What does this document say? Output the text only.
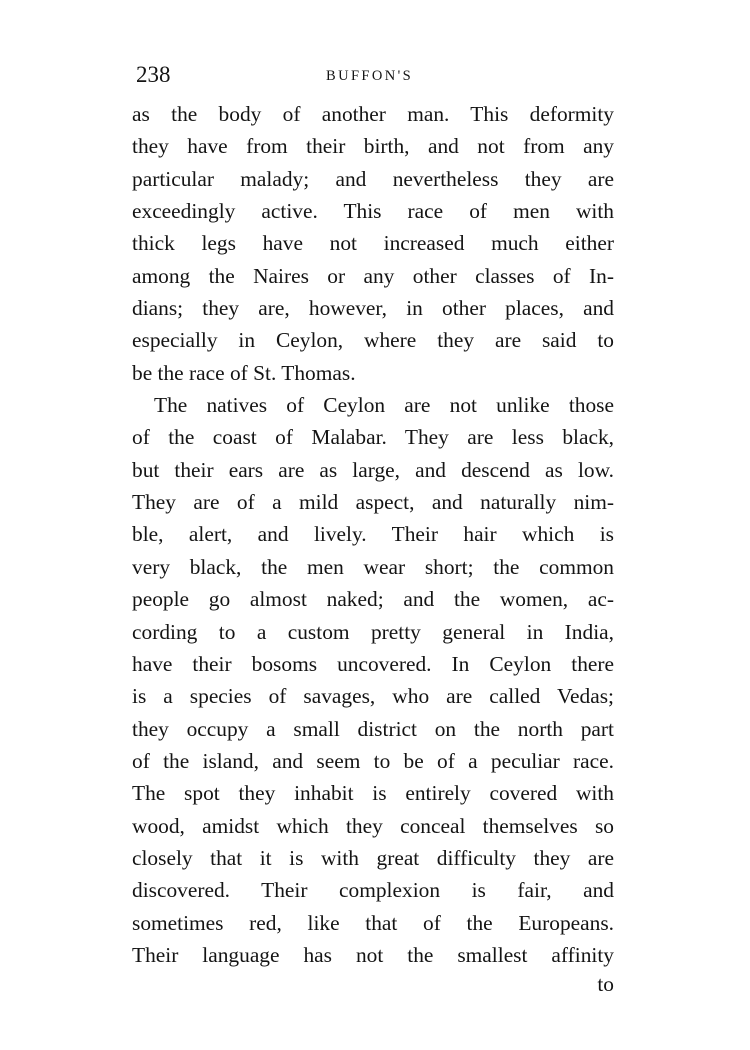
238	BUFFON'S
as the body of another man. This deformity
they have from their birth, and not from any
particular malady; and nevertheless they are
exceedingly active. This race of men with
thick legs have not increased much either
among the Naires or any other classes of In-
dians; they are, however, in other places, and
especially in Ceylon, where they are said to
be the race of St. Thomas.
The natives of Ceylon are not unlike those
of the coast of Malabar. They are less black,
but their ears are as large, and descend as low.
They are of a mild aspect, and naturally nim-
ble, alert, and lively. Their hair which is
very black, the men wear short; the common
people go almost naked; and the women, ac-
cording to a custom pretty general in India,
have their bosoms uncovered. In Ceylon there
is a species of savages, who are called Vedas;
they occupy a small district on the north part
of the island, and seem to be of a peculiar race.
The spot they inhabit is entirely covered with
wood, amidst which they conceal themselves so
closely that it is with great difficulty they are
discovered. Their complexion is fair, and
sometimes red, like that of the Europeans.
Their language has not the smallest affinity
to
